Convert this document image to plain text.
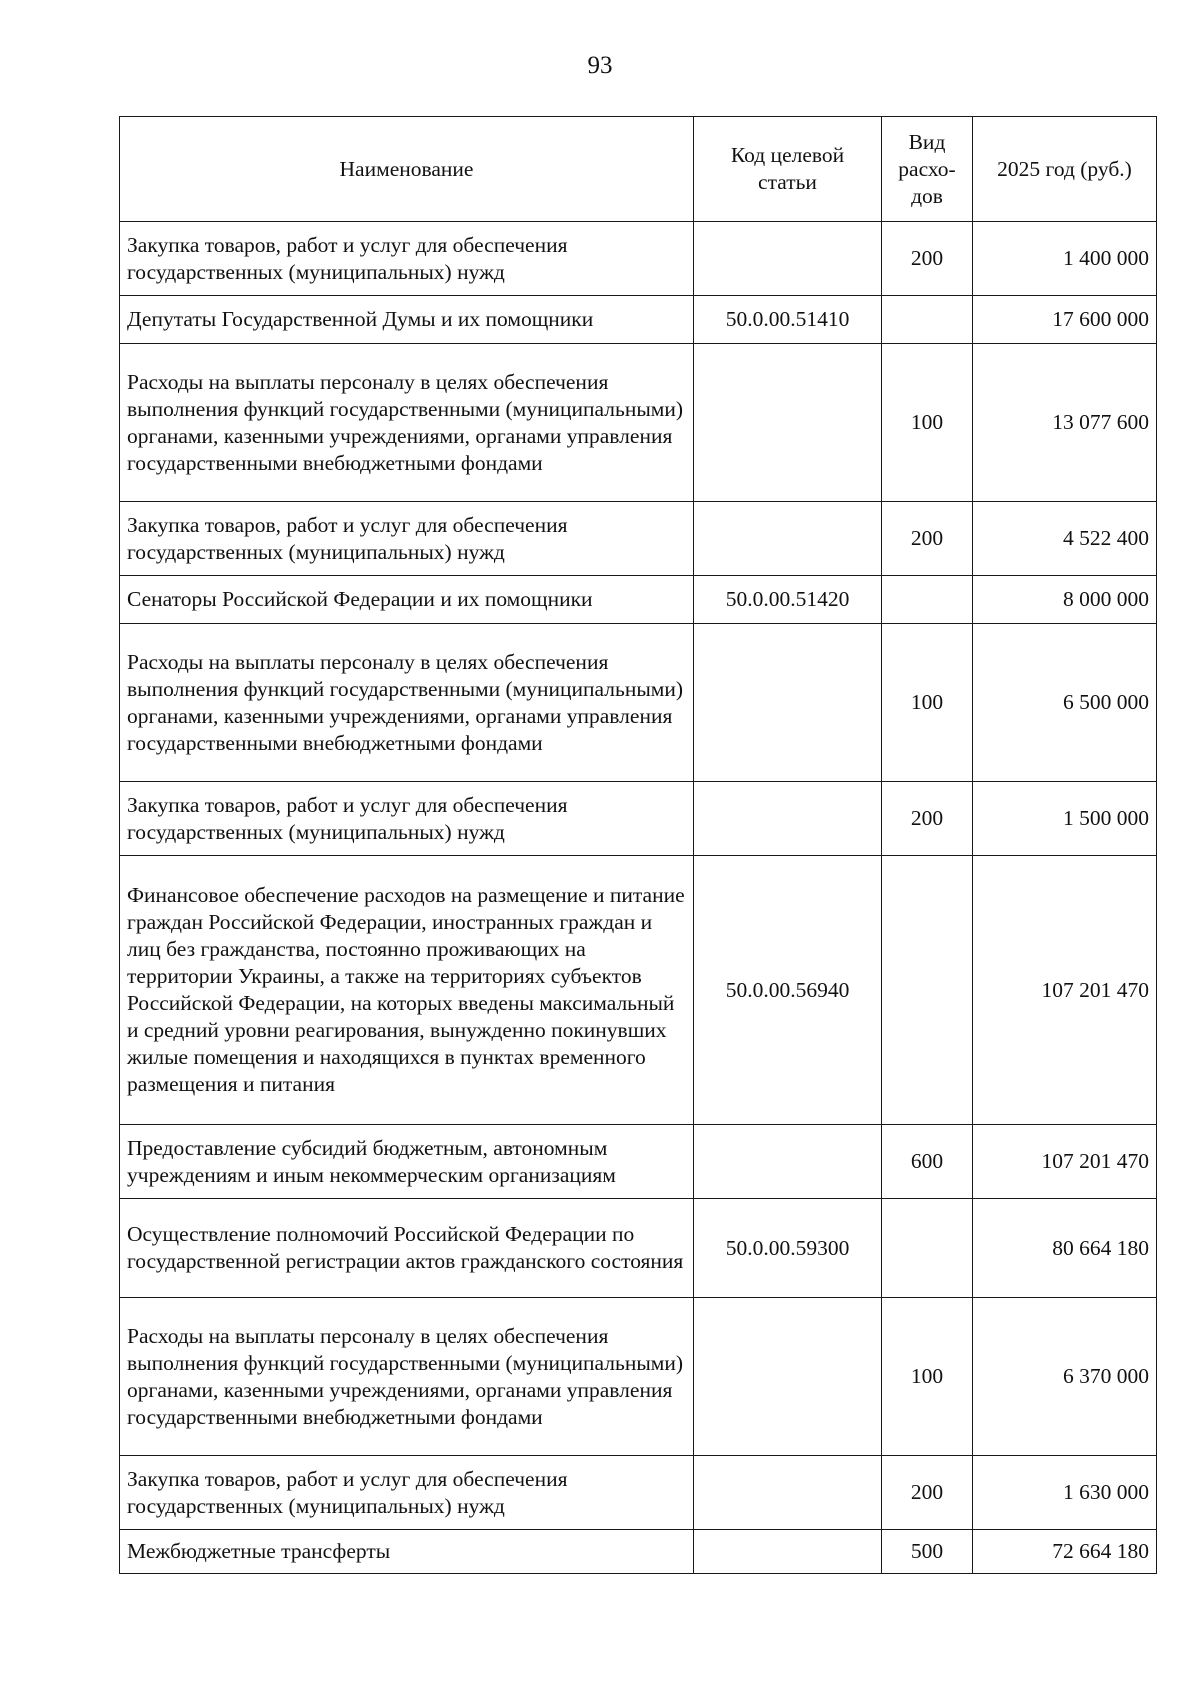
93
Наименование	Код целевой статьи	Вид расхо-дов	2025 год (руб.)
Закупка товаров, работ и услуг для обеспечения государственных (муниципальных) нужд		200	1 400 000
Депутаты Государственной Думы и их помощники	50.0.00.51410		17 600 000
Расходы на выплаты персоналу в целях обеспечения выполнения функций государственными (муниципальными) органами, казенными учреждениями, органами управления государственными внебюджетными фондами		100	13 077 600
Закупка товаров, работ и услуг для обеспечения государственных (муниципальных) нужд		200	4 522 400
Сенаторы Российской Федерации и их помощники	50.0.00.51420		8 000 000
Расходы на выплаты персоналу в целях обеспечения выполнения функций государственными (муниципальными) органами, казенными учреждениями, органами управления государственными внебюджетными фондами		100	6 500 000
Закупка товаров, работ и услуг для обеспечения государственных (муниципальных) нужд		200	1 500 000
Финансовое обеспечение расходов на размещение и питание граждан Российской Федерации, иностранных граждан и лиц без гражданства, постоянно проживающих на территории Украины, а также на территориях субъектов Российской Федерации, на которых введены максимальный и средний уровни реагирования, вынужденно покинувших жилые помещения и находящихся в пунктах временного размещения и питания	50.0.00.56940		107 201 470
Предоставление субсидий бюджетным, автономным учреждениям и иным некоммерческим организациям		600	107 201 470
Осуществление полномочий Российской Федерации по государственной регистрации актов гражданского состояния	50.0.00.59300		80 664 180
Расходы на выплаты персоналу в целях обеспечения выполнения функций государственными (муниципальными) органами, казенными учреждениями, органами управления государственными внебюджетными фондами		100	6 370 000
Закупка товаров, работ и услуг для обеспечения государственных (муниципальных) нужд		200	1 630 000
Межбюджетные трансферты		500	72 664 180
